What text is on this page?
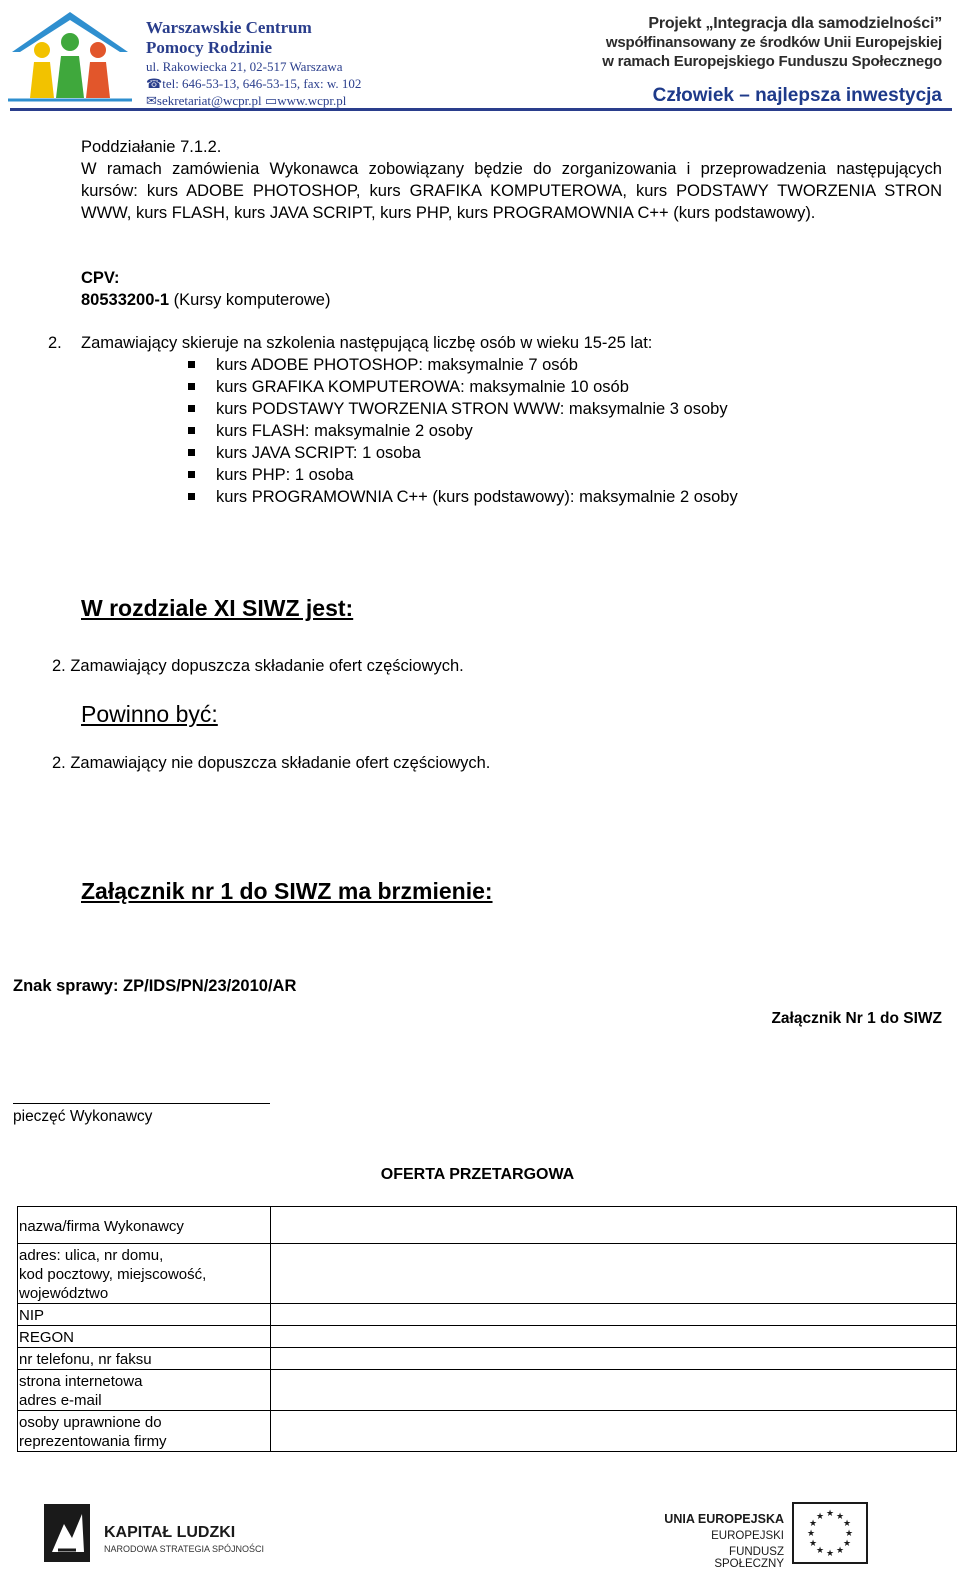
Warszawskie Centrum
Pomocy Rodzinie
ul. Rakowiecka 21, 02-517 Warszawa
☎tel: 646-53-13, 646-53-15, fax: w. 102
✉sekretariat@wcpr.pl ▭www.wcpr.pl
Projekt „Integracja dla samodzielności”
współfinansowany ze środków Unii Europejskiej
w ramach Europejskiego Funduszu Społecznego
Człowiek – najlepsza inwestycja
Poddziałanie 7.1.2.
W ramach zamówienia Wykonawca zobowiązany będzie do zorganizowania i przeprowadzenia następujących kursów: kurs ADOBE PHOTOSHOP, kurs GRAFIKA KOMPUTEROWA, kurs PODSTAWY TWORZENIA STRON WWW, kurs FLASH, kurs JAVA SCRIPT, kurs PHP, kurs PROGRAMOWNIA C++ (kurs podstawowy).
CPV:
80533200-1 (Kursy komputerowe)
2. Zamawiający skieruje na szkolenia następującą liczbę osób w wieku 15-25 lat:
kurs ADOBE PHOTOSHOP: maksymalnie 7 osób
kurs GRAFIKA KOMPUTEROWA: maksymalnie 10 osób
kurs PODSTAWY TWORZENIA STRON WWW: maksymalnie 3 osoby
kurs FLASH: maksymalnie 2 osoby
kurs JAVA SCRIPT: 1 osoba
kurs PHP: 1 osoba
kurs PROGRAMOWNIA C++ (kurs podstawowy): maksymalnie 2 osoby
W rozdziale XI SIWZ jest:
2. Zamawiający dopuszcza składanie ofert częściowych.
Powinno być:
2. Zamawiający nie dopuszcza składanie ofert częściowych.
Załącznik nr 1 do SIWZ ma brzmienie:
Znak sprawy: ZP/IDS/PN/23/2010/AR
Załącznik Nr 1 do SIWZ
pieczęć Wykonawcy
OFERTA PRZETARGOWA
nazwa/firma Wykonawcy	

adres: ulica, nr domu,
kod pocztowy, miejscowość,
województwo	

NIP	

REGON	

nr telefonu, nr faksu	

strona internetowa
adres e-mail	

osoby uprawnione do
reprezentowania firmy	

KAPITAŁ LUDZKI
NARODOWA STRATEGIA SPÓJNOŚCI
UNIA EUROPEJSKA
EUROPEJSKI
FUNDUSZ SPOŁECZNY
★ ★
★
★
★
★
★
★
★
★
★
★
